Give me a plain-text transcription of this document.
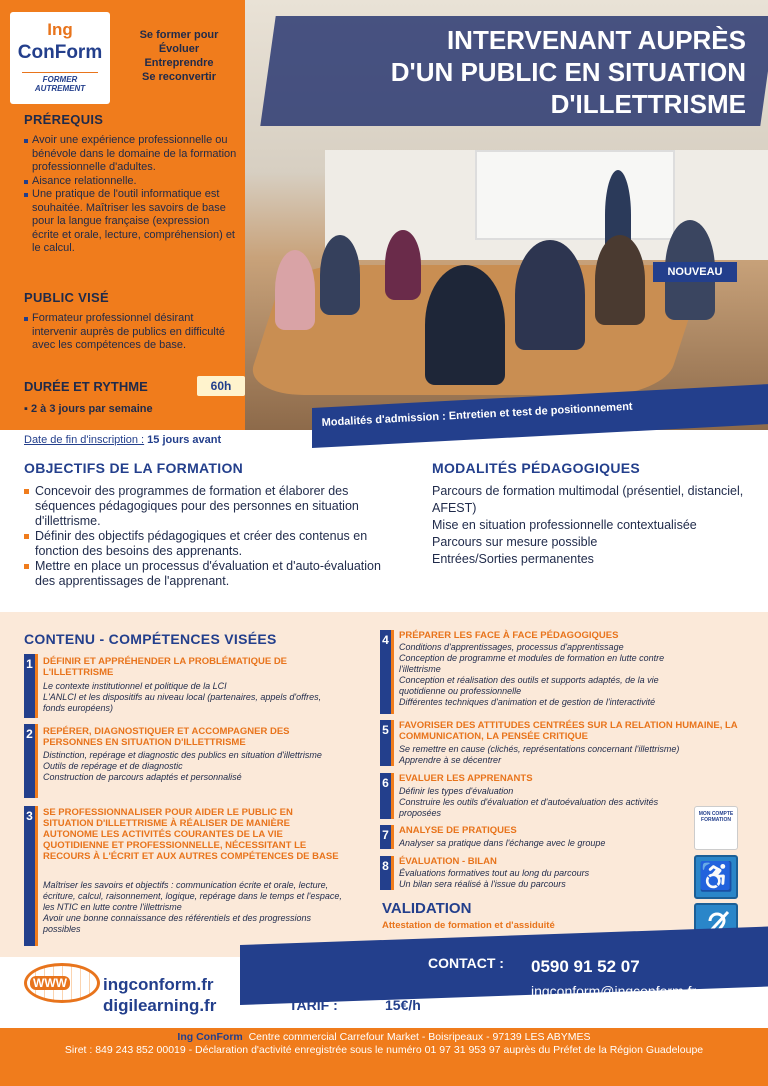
Ing
ConForm
FORMER AUTREMENT
Se former pour
Évoluer
Entreprendre
Se reconvertir
PRÉREQUIS
Avoir une expérience professionnelle ou bénévole dans le domaine de la formation professionnelle d'adultes.
Aisance relationnelle.
Une pratique de l'outil informatique est souhaitée. Maîtriser les savoirs de base pour la langue française (expression écrite et orale, lecture, compréhension) et le calcul.
PUBLIC VISÉ
Formateur professionnel désirant intervenir auprès de publics en difficulté avec les compétences de base.
DURÉE ET RYTHME	60h
▪ 2 à 3 jours par semaine
Date de fin d'inscription : 15 jours avant
INTERVENANT AUPRÈS
D'UN PUBLIC EN SITUATION
D'ILLETTRISME
NOUVEAU
Modalités d'admission : Entretien et test de positionnement
OBJECTIFS DE LA FORMATION
Concevoir des programmes de formation et élaborer des séquences pédagogiques pour des personnes en situation d'illettrisme.
Définir des objectifs pédagogiques et créer des contenus en fonction des besoins des apprenants.
Mettre en place un processus d'évaluation et d'auto-évaluation des apprentissages de l'apprenant.
MODALITÉS PÉDAGOGIQUES
Parcours de formation multimodal (présentiel, distanciel, AFEST)
Mise en situation professionnelle contextualisée
Parcours sur mesure possible
Entrées/Sorties permanentes
CONTENU - COMPÉTENCES VISÉES
1	DÉFINIR ET APPRÉHENDER LA PROBLÉMATIQUE DE L'ILLETTRISME
Le contexte institutionnel et politique de la LCI
L'ANLCI et les dispositifs au niveau local (partenaires, appels d'offres, fonds européens)
2	REPÉRER, DIAGNOSTIQUER ET ACCOMPAGNER DES PERSONNES EN SITUATION D'ILLETTRISME
Distinction, repérage et diagnostic des publics en situation d'illettrisme
Outils de repérage et de diagnostic
Construction de parcours adaptés et personnalisé
3	SE PROFESSIONNALISER POUR AIDER LE PUBLIC EN SITUATION D'ILLETTRISME À RÉALISER DE MANIÈRE AUTONOME LES ACTIVITÉS COURANTES DE LA VIE QUOTIDIENNE ET PROFESSIONNELLE, NÉCESSITANT LE RECOURS À L'ÉCRIT ET AUX AUTRES COMPÉTENCES DE BASE
Maîtriser les savoirs et objectifs : communication écrite et orale, lecture, écriture, calcul, raisonnement, logique, repérage dans le temps et l'espace, les NTIC en lutte contre l'illettrisme
Avoir une bonne connaissance des référentiels et des progressions possibles
4	PRÉPARER LES FACE À FACE PÉDAGOGIQUES
Conditions d'apprentissages, processus d'apprentissage
Conception de programme et modules de formation en lutte contre l'illettrisme
Conception et réalisation des outils et supports adaptés, de la vie quotidienne ou professionnelle
Différentes techniques d'animation et de gestion de l'interactivité
5	FAVORISER DES ATTITUDES CENTRÉES SUR LA RELATION HUMAINE, LA COMMUNICATION, LA PENSÉE CRITIQUE
Se remettre en cause (clichés, représentations concernant l'illettrisme)
Apprendre à se décentrer
6	EVALUER LES APPRENANTS
Définir les types d'évaluation
Construire les outils d'évaluation et d'autoévaluation des activités proposées
7	ANALYSE DE PRATIQUES
Analyser sa pratique dans l'échange avec le groupe
8	ÉVALUATION - BILAN
Évaluations formatives tout au long du parcours
Un bilan sera réalisé à l'issue du parcours
VALIDATION
Attestation de formation et d'assiduité
MON COMPTE FORMATION
♿
CONTACT : 0590 91 52 07
ingconform@ingconform.fr
TARIF :	15€/h
WWW ingconform.fr
digilearning.fr
Ing ConForm Centre commercial Carrefour Market - Boisripeaux - 97139 LES ABYMES
Siret : 849 243 852 00019 - Déclaration d'activité enregistrée sous le numéro 01 97 31 953 97 auprès du Préfet de la Région Guadeloupe
